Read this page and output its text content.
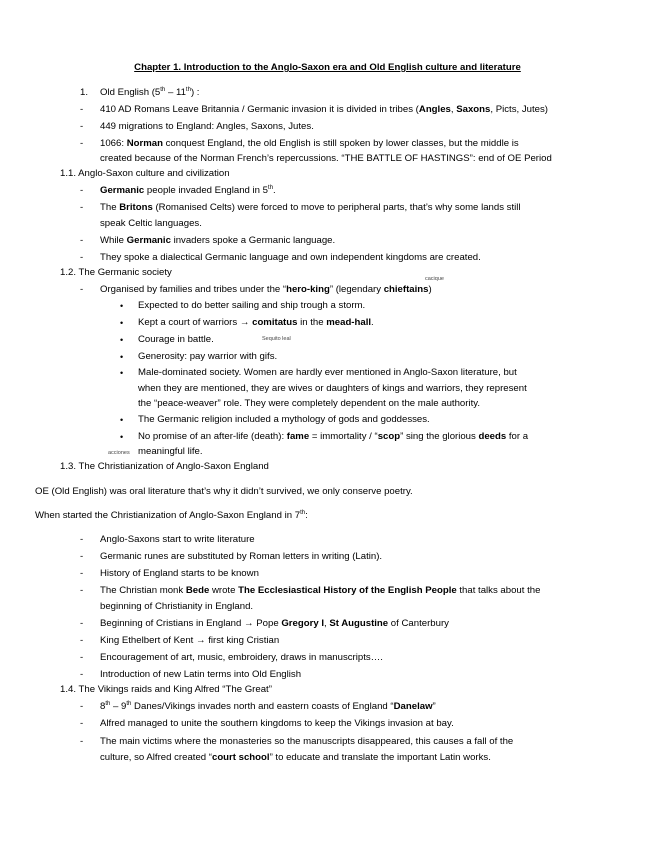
Chapter 1. Introduction to the Anglo-Saxon era and Old English culture and literature
1. Old English (5th – 11th) :
- 410 AD Romans Leave Britannia / Germanic invasion it is divided in tribes (Angles, Saxons, Picts, Jutes)
- 449 migrations to England: Angles, Saxons, Jutes.
- 1066: Norman conquest England, the old English is still spoken by lower classes, but the middle is
created because of the Norman French’s repercussions. “THE BATTLE OF HASTINGS”: end of OE Period
1.1. Anglo-Saxon culture and civilization
- Germanic people invaded England in 5th.
- The Britons (Romanised Celts) were forced to move to peripheral parts, that’s why some lands still
speak Celtic languages.
- While Germanic invaders spoke a Germanic language.
- They spoke a dialectical Germanic language and own independent kingdoms are created.
1.2. The Germanic society
cacique
- Organised by families and tribes under the “hero-king” (legendary chieftains)
• Expected to do better sailing and ship trough a storm.
• Kept a court of warriors → comitatus in the mead-hall.
• Courage in battle.	Sequito leal
• Generosity: pay warrior with gifs.
• Male-dominated society. Women are hardly ever mentioned in Anglo-Saxon literature, but
when they are mentioned, they are wives or daughters of kings and warriors, they represent
the “peace-weaver” role. They were completely dependent on the male authority.
• The Germanic religion included a mythology of gods and goddesses.
• No promise of an after-life (death): fame = immortality / “scop” sing the glorious deeds for a
acciones meaningful life.
1.3. The Christianization of Anglo-Saxon England
OE (Old English) was oral literature that’s why it didn’t survived, we only conserve poetry.
When started the Christianization of Anglo-Saxon England in 7th:
- Anglo-Saxons start to write literature
- Germanic runes are substituted by Roman letters in writing (Latin).
- History of England starts to be known
- The Christian monk Bede wrote The Ecclesiastical History of the English People that talks about the
beginning of Christianity in England.
- Beginning of Cristians in England → Pope Gregory I, St Augustine of Canterbury
- King Ethelbert of Kent → first king Cristian
- Encouragement of art, music, embroidery, draws in manuscripts….
- Introduction of new Latin terms into Old English
1.4. The Vikings raids and King Alfred “The Great”
- 8th – 9th Danes/Vikings invades north and eastern coasts of England “Danelaw”
- Alfred managed to unite the southern kingdoms to keep the Vikings invasion at bay.
- The main victims where the monasteries so the manuscripts disappeared, this causes a fall of the
culture, so Alfred created “court school” to educate and translate the important Latin works.
